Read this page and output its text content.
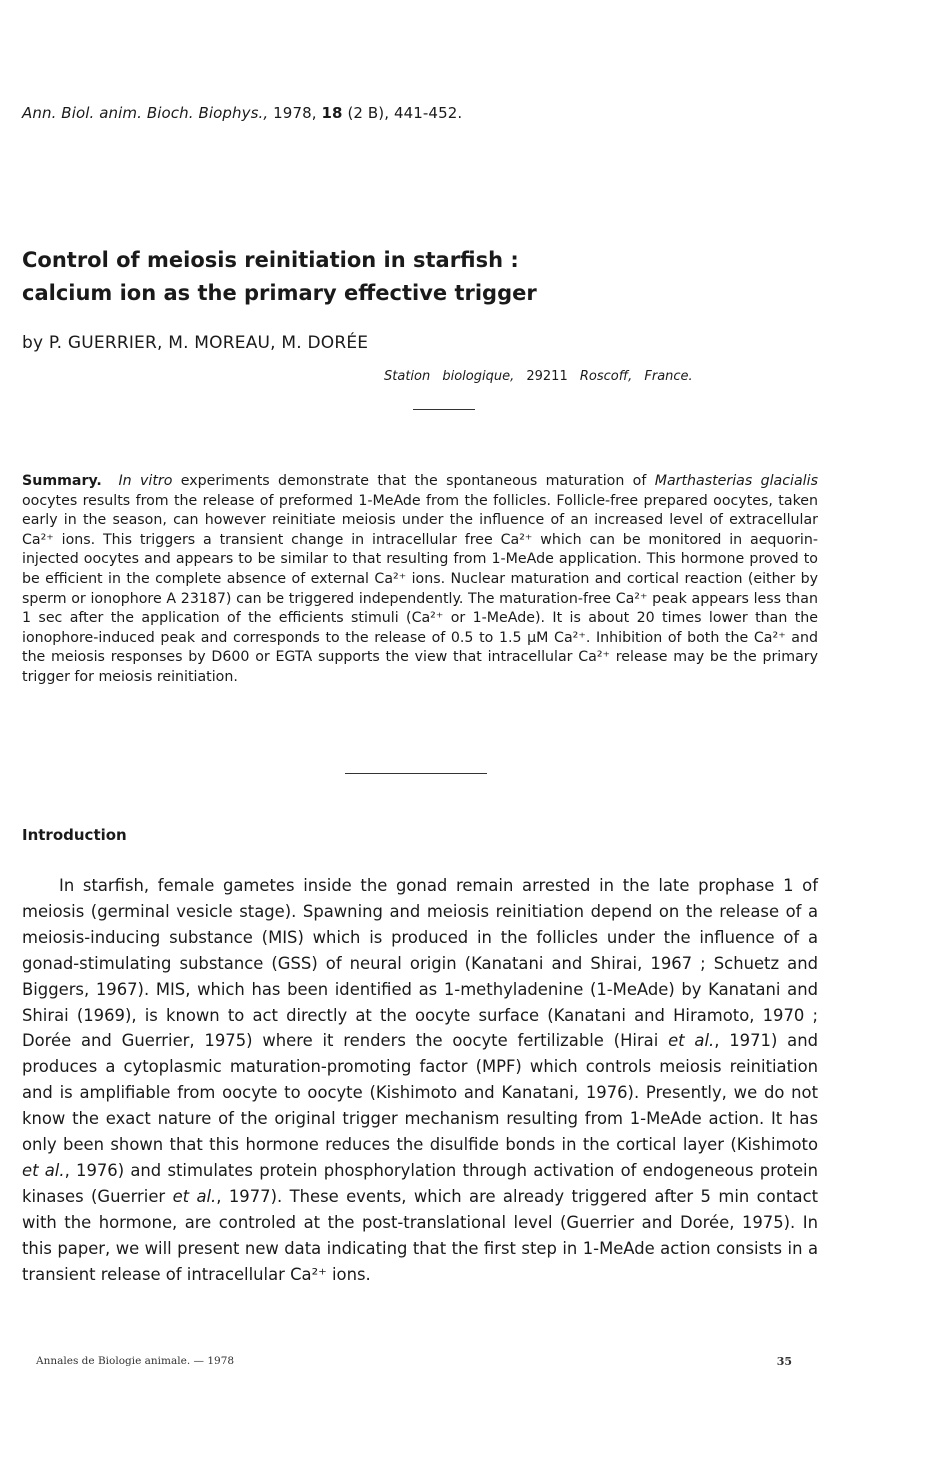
Ann. Biol. anim. Bioch. Biophys., 1978, 18 (2 B), 441-452.
Control of meiosis reinitiation in starfish :
calcium ion as the primary effective trigger
by P. GUERRIER, M. MOREAU, M. DORÉE
Station biologique, 29211 Roscoff, France.

Summary. In vitro experiments demonstrate that the spontaneous maturation of Marthasterias glacialis oocytes results from the release of preformed 1-MeAde from the follicles. Follicle-free prepared oocytes, taken early in the season, can however reinitiate meiosis under the influence of an increased level of extracellular Ca²⁺ ions. This triggers a transient change in intracellular free Ca²⁺ which can be monitored in aequorin-injected oocytes and appears to be similar to that resulting from 1-MeAde application. This hormone proved to be efficient in the complete absence of external Ca²⁺ ions. Nuclear maturation and cortical reaction (either by sperm or ionophore A 23187) can be triggered independently. The maturation-free Ca²⁺ peak appears less than 1 sec after the application of the efficients stimuli (Ca²⁺ or 1-MeAde). It is about 20 times lower than the ionophore-induced peak and corresponds to the release of 0.5 to 1.5 μM Ca²⁺. Inhibition of both the Ca²⁺ and the meiosis responses by D600 or EGTA supports the view that intracellular Ca²⁺ release may be the primary trigger for meiosis reinitiation.

Introduction

In starfish, female gametes inside the gonad remain arrested in the late prophase 1 of meiosis (germinal vesicle stage). Spawning and meiosis reinitiation depend on the release of a meiosis-inducing substance (MIS) which is produced in the follicles under the influence of a gonad-stimulating substance (GSS) of neural origin (Kanatani and Shirai, 1967 ; Schuetz and Biggers, 1967). MIS, which has been identified as 1-methyladenine (1-MeAde) by Kanatani and Shirai (1969), is known to act directly at the oocyte surface (Kanatani and Hiramoto, 1970 ; Dorée and Guerrier, 1975) where it renders the oocyte fertilizable (Hirai et al., 1971) and produces a cytoplasmic maturation-promoting factor (MPF) which controls meiosis reinitiation and is amplifiable from oocyte to oocyte (Kishimoto and Kanatani, 1976). Presently, we do not know the exact nature of the original trigger mechanism resulting from 1-MeAde action. It has only been shown that this hormone reduces the disulfide bonds in the cortical layer (Kishimoto et al., 1976) and stimulates protein phosphorylation through activation of endogeneous protein kinases (Guerrier et al., 1977). These events, which are already triggered after 5 min contact with the hormone, are controled at the post-translational level (Guerrier and Dorée, 1975). In this paper, we will present new data indicating that the first step in 1-MeAde action consists in a transient release of intracellular Ca²⁺ ions.

Annales de Biologie animale. — 1978	35
